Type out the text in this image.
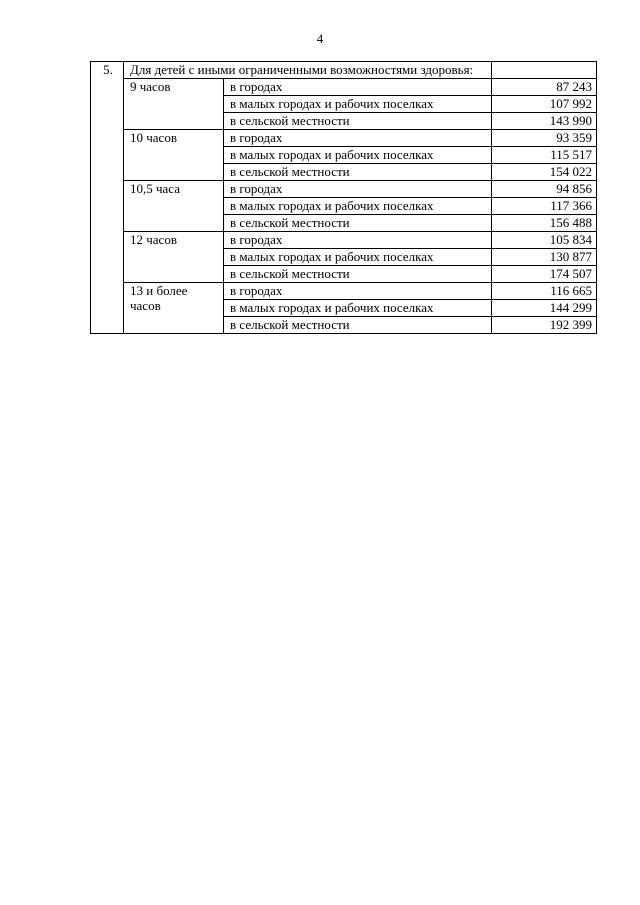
4
5.	Для детей с иными ограниченными возможностями здоровья:		
	9 часов	в городах	87 243
		в малых городах и рабочих поселках	107 992
		в сельской местности	143 990
	10 часов	в городах	93 359
		в малых городах и рабочих поселках	115 517
		в сельской местности	154 022
	10,5 часа	в городах	94 856
		в малых городах и рабочих поселках	117 366
		в сельской местности	156 488
	12 часов	в городах	105 834
		в малых городах и рабочих поселках	130 877
		в сельской местности	174 507
	13 и более часов	в городах	116 665
		в малых городах и рабочих поселках	144 299
		в сельской местности	192 399
